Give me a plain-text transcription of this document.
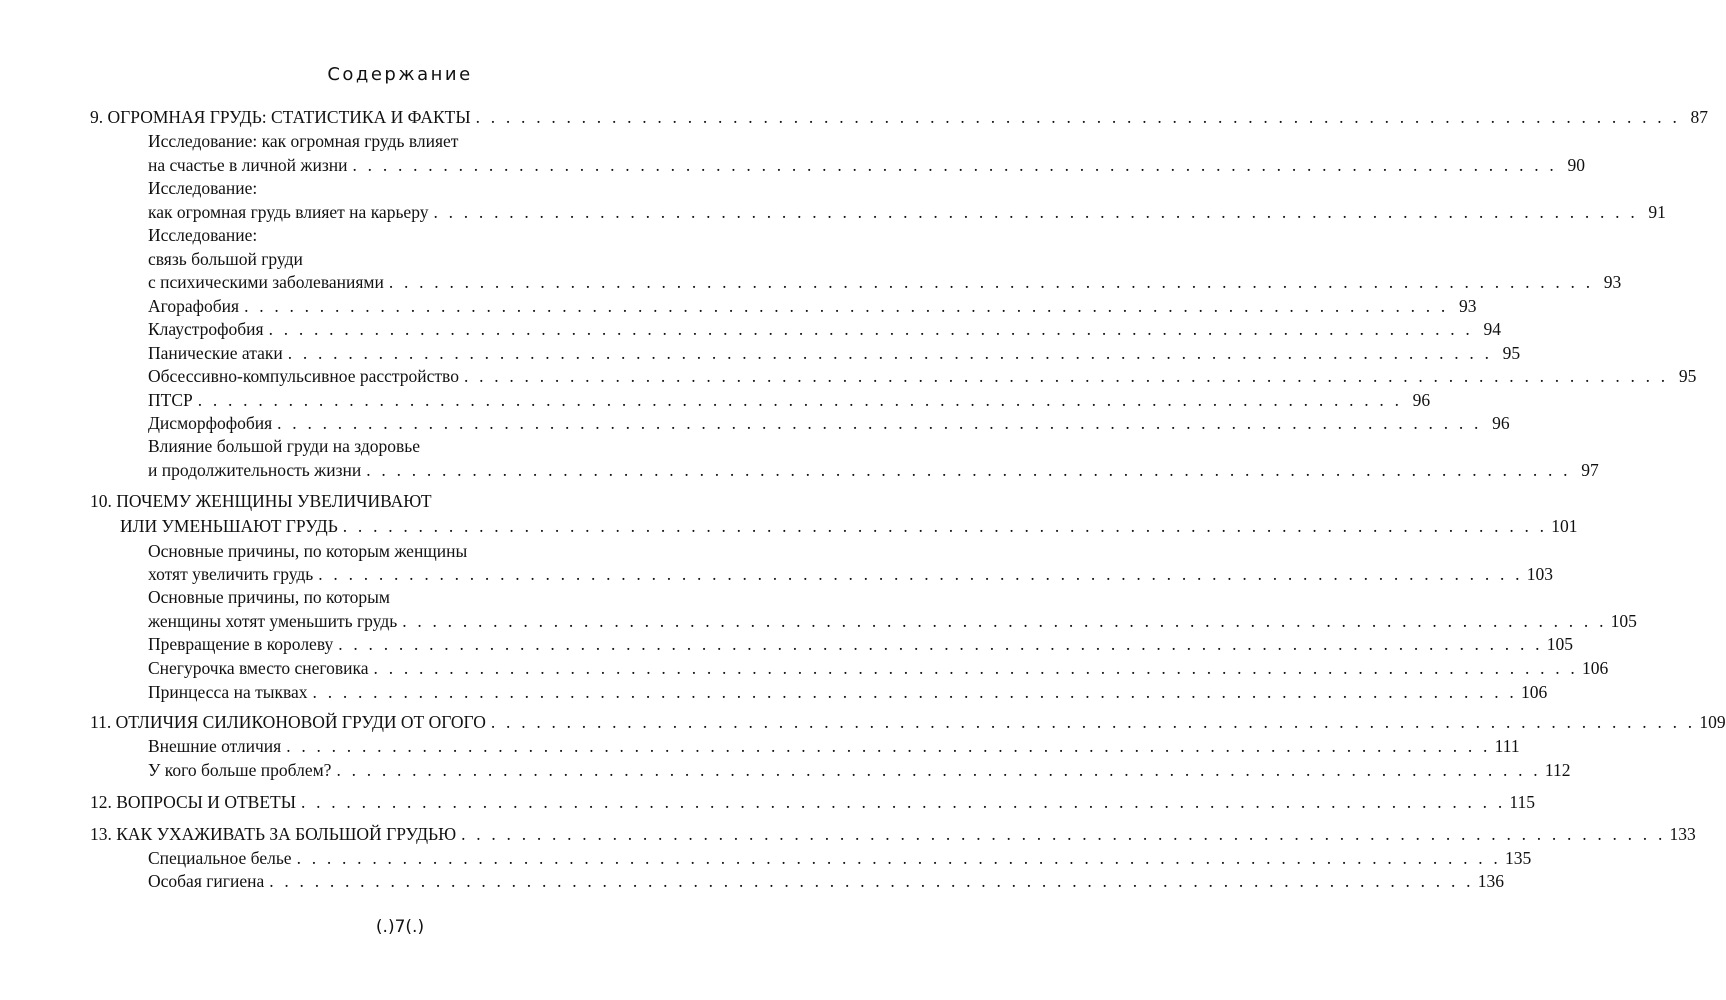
Содержание
9. ОГРОМНАЯ ГРУДЬ: СТАТИСТИКА И ФАКТЫ . . . . . . . . . . . . . . . . . . . . . . . . . . . . . . . . . . . . . . . . . . . . . . . . . . . . . . . . . . . . . . . . . . . . . . . . . . . . . . . . 87
Исследование: как огромная грудь влияет
на счастье в личной жизни . . . . . . . . . . . . . . . . . . . . . . . . . . . . . . . . . . . . . . . . . . . . . . . . . . . . . . . . . . . . . . . . . . . . . . . . . . . . . . . . 90
Исследование:
как огромная грудь влияет на карьеру . . . . . . . . . . . . . . . . . . . . . . . . . . . . . . . . . . . . . . . . . . . . . . . . . . . . . . . . . . . . . . . . . . . . . . . . . . . . . . . . 91
Исследование:
связь большой груди
с психическими заболеваниями . . . . . . . . . . . . . . . . . . . . . . . . . . . . . . . . . . . . . . . . . . . . . . . . . . . . . . . . . . . . . . . . . . . . . . . . . . . . . . . . 93
Агорафобия . . . . . . . . . . . . . . . . . . . . . . . . . . . . . . . . . . . . . . . . . . . . . . . . . . . . . . . . . . . . . . . . . . . . . . . . . . . . . . . . 93
Клаустрофобия . . . . . . . . . . . . . . . . . . . . . . . . . . . . . . . . . . . . . . . . . . . . . . . . . . . . . . . . . . . . . . . . . . . . . . . . . . . . . . . . 94
Панические атаки . . . . . . . . . . . . . . . . . . . . . . . . . . . . . . . . . . . . . . . . . . . . . . . . . . . . . . . . . . . . . . . . . . . . . . . . . . . . . . . . 95
Обсессивно-компульсивное расстройство . . . . . . . . . . . . . . . . . . . . . . . . . . . . . . . . . . . . . . . . . . . . . . . . . . . . . . . . . . . . . . . . . . . . . . . . . . . . . . . . 95
ПТСР . . . . . . . . . . . . . . . . . . . . . . . . . . . . . . . . . . . . . . . . . . . . . . . . . . . . . . . . . . . . . . . . . . . . . . . . . . . . . . . . 96
Дисморфофобия . . . . . . . . . . . . . . . . . . . . . . . . . . . . . . . . . . . . . . . . . . . . . . . . . . . . . . . . . . . . . . . . . . . . . . . . . . . . . . . . 96
Влияние большой груди на здоровье
и продолжительность жизни . . . . . . . . . . . . . . . . . . . . . . . . . . . . . . . . . . . . . . . . . . . . . . . . . . . . . . . . . . . . . . . . . . . . . . . . . . . . . . . . 97
10. ПОЧЕМУ ЖЕНЩИНЫ УВЕЛИЧИВАЮТ
ИЛИ УМЕНЬШАЮТ ГРУДЬ . . . . . . . . . . . . . . . . . . . . . . . . . . . . . . . . . . . . . . . . . . . . . . . . . . . . . . . . . . . . . . . . . . . . . . . . . . . . . . . . 101
Основные причины, по которым женщины
хотят увеличить грудь . . . . . . . . . . . . . . . . . . . . . . . . . . . . . . . . . . . . . . . . . . . . . . . . . . . . . . . . . . . . . . . . . . . . . . . . . . . . . . . . 103
Основные причины, по которым
женщины хотят уменьшить грудь . . . . . . . . . . . . . . . . . . . . . . . . . . . . . . . . . . . . . . . . . . . . . . . . . . . . . . . . . . . . . . . . . . . . . . . . . . . . . . . . 105
Превращение в королеву . . . . . . . . . . . . . . . . . . . . . . . . . . . . . . . . . . . . . . . . . . . . . . . . . . . . . . . . . . . . . . . . . . . . . . . . . . . . . . . . 105
Снегурочка вместо снеговика . . . . . . . . . . . . . . . . . . . . . . . . . . . . . . . . . . . . . . . . . . . . . . . . . . . . . . . . . . . . . . . . . . . . . . . . . . . . . . . . 106
Принцесса на тыквах . . . . . . . . . . . . . . . . . . . . . . . . . . . . . . . . . . . . . . . . . . . . . . . . . . . . . . . . . . . . . . . . . . . . . . . . . . . . . . . . 106
11. ОТЛИЧИЯ СИЛИКОНОВОЙ ГРУДИ ОТ ОГОГО . . . . . . . . . . . . . . . . . . . . . . . . . . . . . . . . . . . . . . . . . . . . . . . . . . . . . . . . . . . . . . . . . . . . . . . . . . . . . . . . 109
Внешние отличия . . . . . . . . . . . . . . . . . . . . . . . . . . . . . . . . . . . . . . . . . . . . . . . . . . . . . . . . . . . . . . . . . . . . . . . . . . . . . . . . 111
У кого больше проблем? . . . . . . . . . . . . . . . . . . . . . . . . . . . . . . . . . . . . . . . . . . . . . . . . . . . . . . . . . . . . . . . . . . . . . . . . . . . . . . . . 112
12. ВОПРОСЫ И ОТВЕТЫ . . . . . . . . . . . . . . . . . . . . . . . . . . . . . . . . . . . . . . . . . . . . . . . . . . . . . . . . . . . . . . . . . . . . . . . . . . . . . . . . 115
13. КАК УХАЖИВАТЬ ЗА БОЛЬШОЙ ГРУДЬЮ . . . . . . . . . . . . . . . . . . . . . . . . . . . . . . . . . . . . . . . . . . . . . . . . . . . . . . . . . . . . . . . . . . . . . . . . . . . . . . . . 133
Специальное белье . . . . . . . . . . . . . . . . . . . . . . . . . . . . . . . . . . . . . . . . . . . . . . . . . . . . . . . . . . . . . . . . . . . . . . . . . . . . . . . . 135
Особая гигиена . . . . . . . . . . . . . . . . . . . . . . . . . . . . . . . . . . . . . . . . . . . . . . . . . . . . . . . . . . . . . . . . . . . . . . . . . . . . . . . . 136
(.)7(.)
